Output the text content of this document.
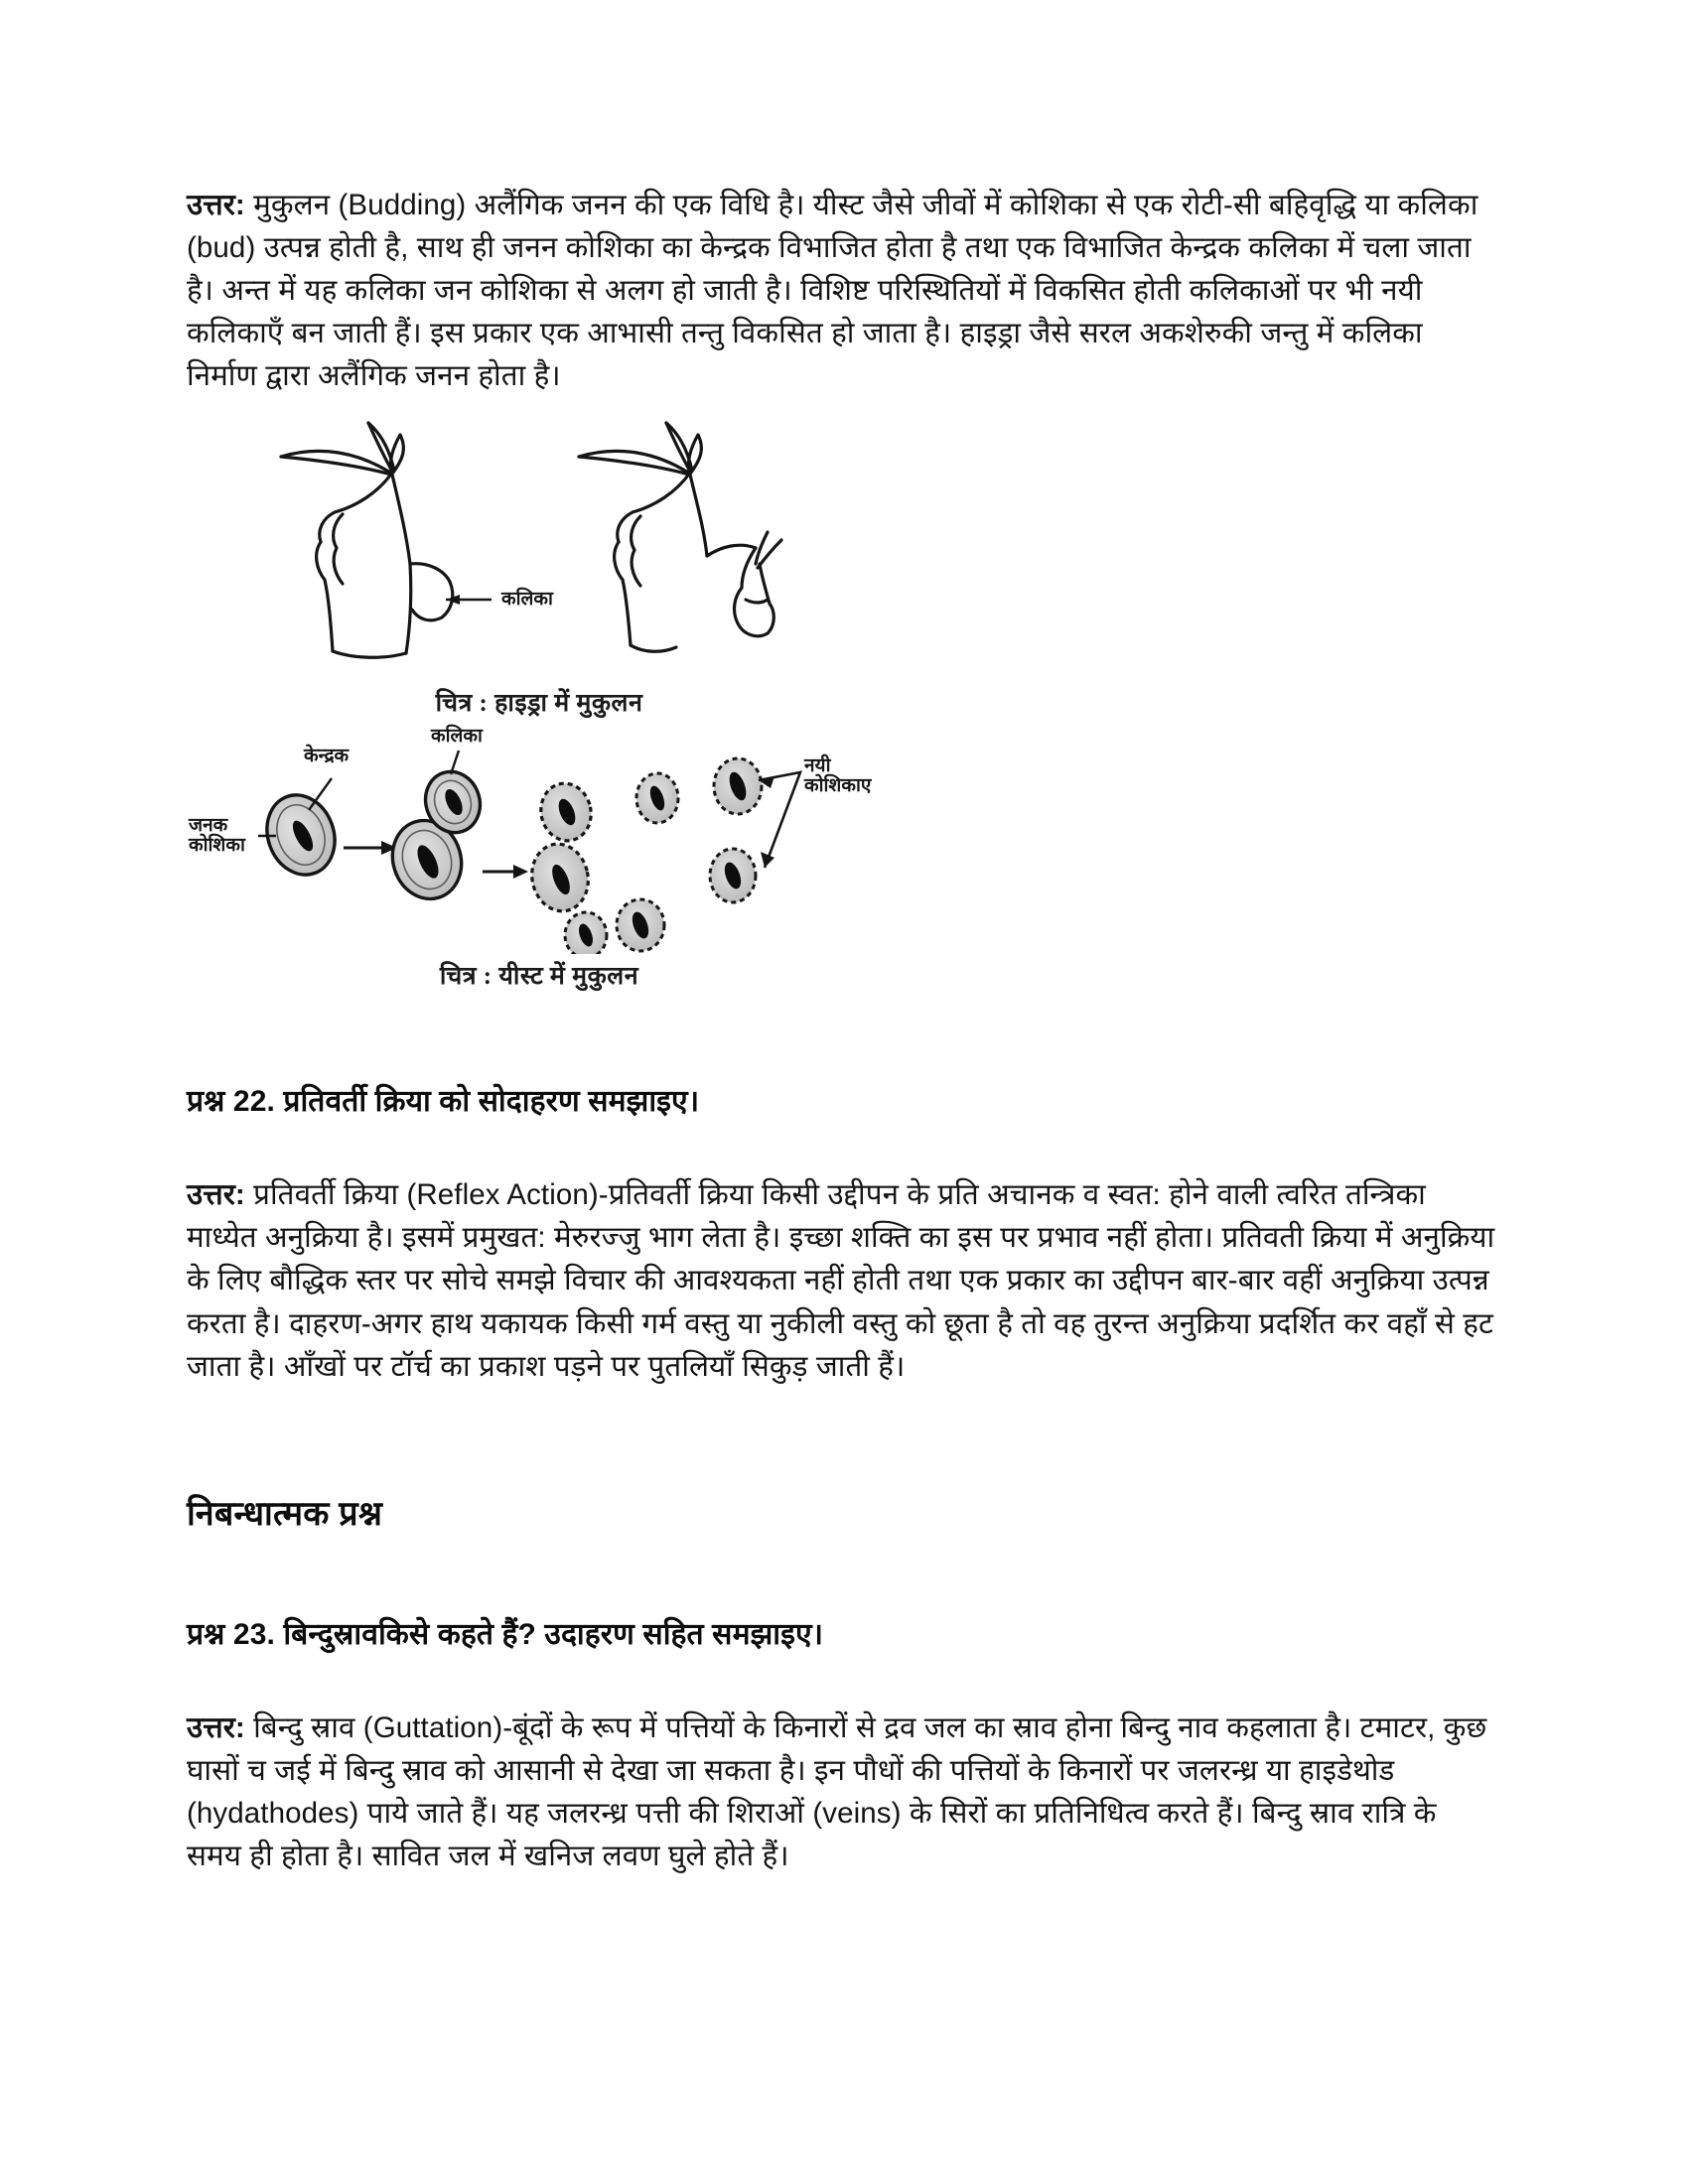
उत्तर: मुकुलन (Budding) अलैंगिक जनन की एक विधि है। यीस्ट जैसे जीवों में कोशिका से एक रोटी-सी बहिवृद्धि या कलिका (bud) उत्पन्न होती है, साथ ही जनन कोशिका का केन्द्रक विभाजित होता है तथा एक विभाजित केन्द्रक कलिका में चला जाता है। अन्त में यह कलिका जन कोशिका से अलग हो जाती है। विशिष्ट परिस्थितियों में विकसित होती कलिकाओं पर भी नयी कलिकाएँ बन जाती हैं। इस प्रकार एक आभासी तन्तु विकसित हो जाता है। हाइड्रा जैसे सरल अकशेरुकी जन्तु में कलिका निर्माण द्वारा अलैंगिक जनन होता है।

कलिका
चित्र : हाइड्रा में मुकुलन
केन्द्रक
कलिका
जनक
कोशिका
नयी
कोशिकाए
चित्र : यीस्ट में मुकुलन

प्रश्न 22. प्रतिवर्ती क्रिया को सोदाहरण समझाइए।

उत्तर: प्रतिवर्ती क्रिया (Reflex Action)-प्रतिवर्ती क्रिया किसी उद्दीपन के प्रति अचानक व स्वत: होने वाली त्वरित तन्त्रिका माध्येत अनुक्रिया है। इसमें प्रमुखत: मेरुरज्जु भाग लेता है। इच्छा शक्ति का इस पर प्रभाव नहीं होता। प्रतिवती क्रिया में अनुक्रिया के लिए बौद्धिक स्तर पर सोचे समझे विचार की आवश्यकता नहीं होती तथा एक प्रकार का उद्दीपन बार-बार वहीं अनुक्रिया उत्पन्न करता है। दाहरण-अगर हाथ यकायक किसी गर्म वस्तु या नुकीली वस्तु को छूता है तो वह तुरन्त अनुक्रिया प्रदर्शित कर वहाँ से हट जाता है। आँखों पर टॉर्च का प्रकाश पड़ने पर पुतलियाँ सिकुड़ जाती हैं।

निबन्धात्मक प्रश्न

प्रश्न 23. बिन्दुस्रावकिसे कहते हैं? उदाहरण सहित समझाइए।

उत्तर: बिन्दु स्राव (Guttation)-बूंदों के रूप में पत्तियों के किनारों से द्रव जल का स्राव होना बिन्दु नाव कहलाता है। टमाटर, कुछ घासों च जई में बिन्दु स्राव को आसानी से देखा जा सकता है। इन पौधों की पत्तियों के किनारों पर जलरन्ध्र या हाइडेथोड (hydathodes) पाये जाते हैं। यह जलरन्ध्र पत्ती की शिराओं (veins) के सिरों का प्रतिनिधित्व करते हैं। बिन्दु स्राव रात्रि के समय ही होता है। सावित जल में खनिज लवण घुले होते हैं।
